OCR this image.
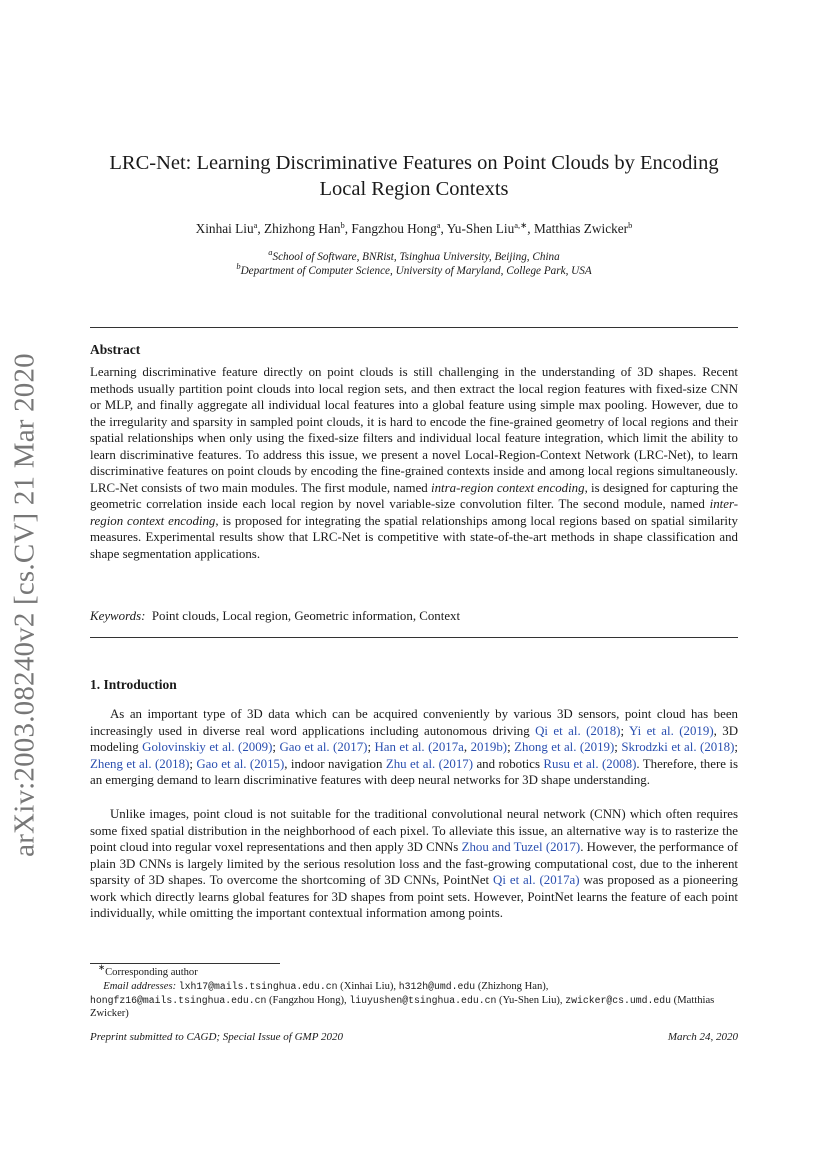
arXiv:2003.08240v2 [cs.CV] 21 Mar 2020
LRC-Net: Learning Discriminative Features on Point Clouds by Encoding
Local Region Contexts
Xinhai Liu$^a$, Zhizhong Han$^b$, Fangzhou Hong$^a$, Yu-Shen Liu$^{a,∗}$, Matthias Zwicker$^b$
$^a$School of Software, BNRist, Tsinghua University, Beijing, China
$^b$Department of Computer Science, University of Maryland, College Park, USA
Abstract
Learning discriminative feature directly on point clouds is still challenging in the understanding of 3D shapes. Recent methods usually partition point clouds into local region sets, and then extract the local region features with fixed-size CNN or MLP, and finally aggregate all individual local features into a global feature using simple max pooling. However, due to the irregularity and sparsity in sampled point clouds, it is hard to encode the fine-grained geometry of local regions and their spatial relationships when only using the fixed-size filters and individual local feature integration, which limit the ability to learn discriminative features. To address this issue, we present a novel Local-Region-Context Network (LRC-Net), to learn discriminative features on point clouds by encoding the fine-grained contexts inside and among local regions simultaneously. LRC-Net consists of two main modules. The first module, named intra-region context encoding, is designed for capturing the geometric correlation inside each local region by novel variable-size convolution filter. The second module, named inter-region context encoding, is proposed for integrating the spatial relationships among local regions based on spatial similarity measures. Experimental results show that LRC-Net is competitive with state-of-the-art methods in shape classification and shape segmentation applications.
Keywords: Point clouds, Local region, Geometric information, Context
1. Introduction
As an important type of 3D data which can be acquired conveniently by various 3D sensors, point cloud has been increasingly used in diverse real word applications including autonomous driving Qi et al. (2018); Yi et al. (2019), 3D modeling Golovinskiy et al. (2009); Gao et al. (2017); Han et al. (2017a, 2019b); Zhong et al. (2019); Skrodzki et al. (2018); Zheng et al. (2018); Gao et al. (2015), indoor navigation Zhu et al. (2017) and robotics Rusu et al. (2008). Therefore, there is an emerging demand to learn discriminative features with deep neural networks for 3D shape understanding.
Unlike images, point cloud is not suitable for the traditional convolutional neural network (CNN) which often requires some fixed spatial distribution in the neighborhood of each pixel. To alleviate this issue, an alternative way is to rasterize the point cloud into regular voxel representations and then apply 3D CNNs Zhou and Tuzel (2017). However, the performance of plain 3D CNNs is largely limited by the serious resolution loss and the fast-growing computational cost, due to the inherent sparsity of 3D shapes. To overcome the shortcoming of 3D CNNs, PointNet Qi et al. (2017a) was proposed as a pioneering work which directly learns global features for 3D shapes from point sets. However, PointNet learns the feature of each point individually, while omitting the important contextual information among points.
∗Corresponding author
Email addresses: lxh17@mails.tsinghua.edu.cn (Xinhai Liu), h312h@umd.edu (Zhizhong Han),
hongfz16@mails.tsinghua.edu.cn (Fangzhou Hong), liuyushen@tsinghua.edu.cn (Yu-Shen Liu), zwicker@cs.umd.edu (Matthias Zwicker)
Preprint submitted to CAGD; Special Issue of GMP 2020	March 24, 2020
